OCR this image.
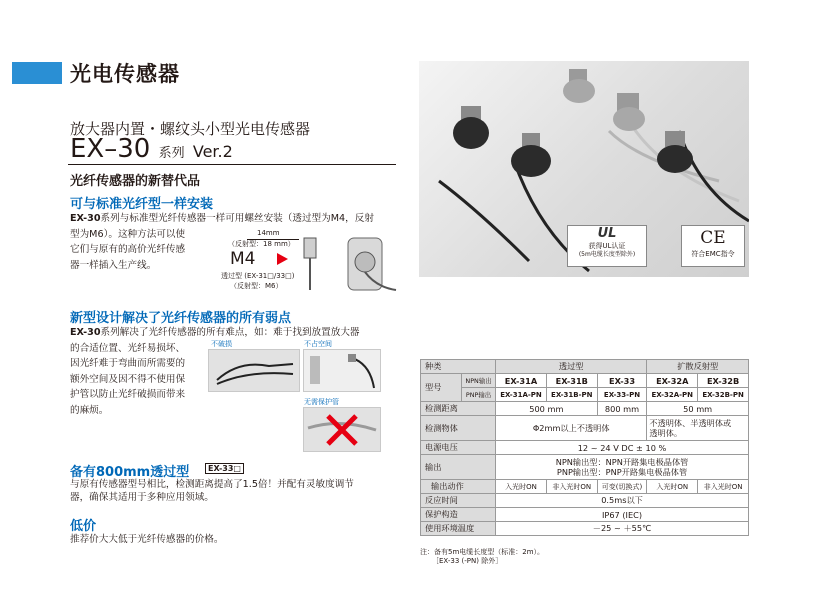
光电传感器
放大器内置・螺纹头小型光电传感器
EX–30 系列 Ver.2
光纤传感器的新替代品
可与标准光纤型一样安装
EX-30系列与标准型光纤传感器一样可用螺丝安装（透过型为M4，反射
型为M6）。这种方法可以使
它们与原有的高价光纤传感
器一样插入生产线。
14mm
（反射型：18 mm）
M4
透过型 (EX-31□/33□)
（反射型：M6）
新型设计解决了光纤传感器的所有弱点
EX-30系列解决了光纤传感器的所有难点，如：难于找到放置放大器
的合适位置、光纤易损坏、
因光纤难于弯曲而所需要的
额外空间及因不得不使用保
护管以防止光纤破损而带来
的麻烦。
不破损	不占空间
无需保护管
备有800mm透过型	EX-33□
与原有传感器型号相比，检测距离提高了1.5倍！并配有灵敏度调节
器，确保其适用于多种应用领域。
低价
推荐价大大低于光纤传感器的价格。
UL
获得UL认证
(5m电缆长度型除外)
CE
符合EMC指令
种类		透过型			扩散反射型	
型号	NPN输出	EX-31A	EX-31B	EX-33	EX-32A	EX-32B
	PNP输出	EX-31A-PN	EX-31B-PN	EX-33-PN	EX-32A-PN	EX-32B-PN
检测距离		500 mm		800 mm	50 mm	
检测物体		Φ2mm以上不透明体			不透明体、半透明体或
透明体。	
电源电压		12 ~ 24 V DC ± 10 %				
输出		NPN输出型：NPN开路集电极晶体管
PNP输出型：PNP开路集电极晶体管				
输出动作		入光时ON	非入光时ON	可变(切换式)	入光时ON	非入光时ON
反应时间		0.5ms以下				
保护构造		IP67 (IEC)				
使用环境温度		－25 ~ ＋55℃				
注：备有5m电缆长度型（标准：2m）。
［EX-33 (-PN) 除外］
